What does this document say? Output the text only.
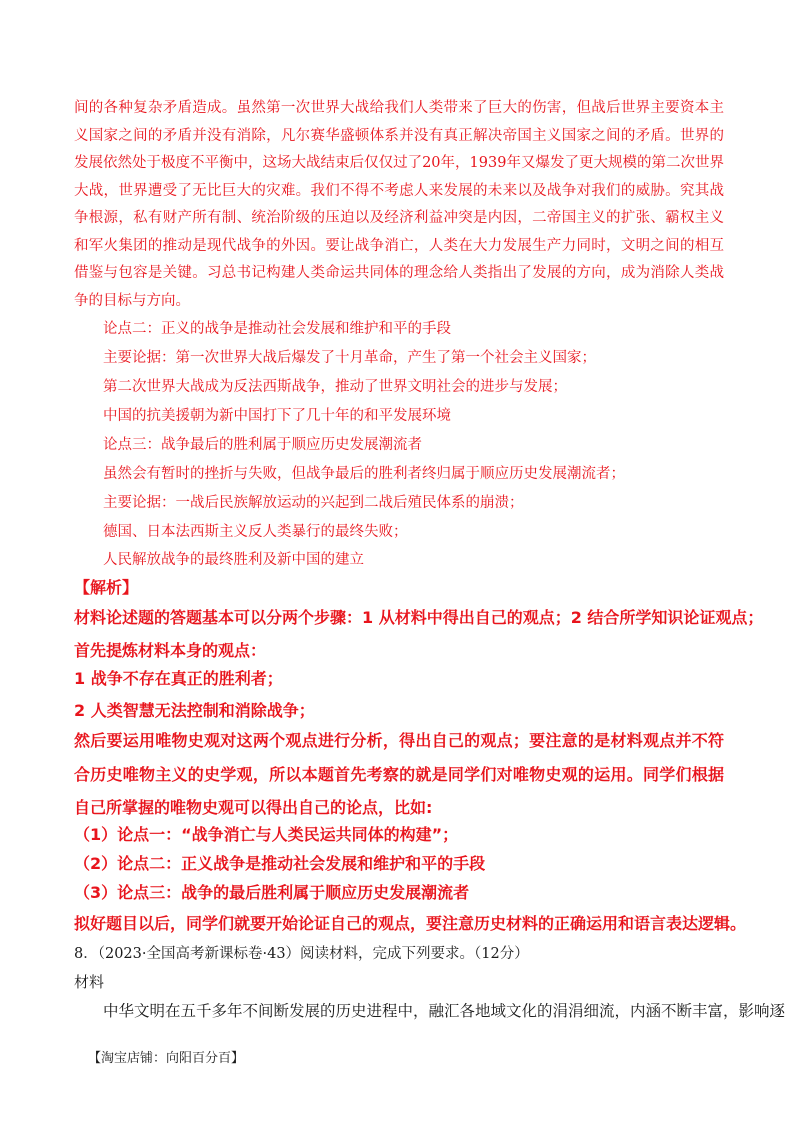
间的各种复杂矛盾造成。虽然第一次世界大战给我们人类带来了巨大的伤害，但战后世界主要资本主义国家之间的矛盾并没有消除，凡尔赛华盛顿体系并没有真正解决帝国主义国家之间的矛盾。世界的发展依然处于极度不平衡中，这场大战结束后仅仅过了20年，1939年又爆发了更大规模的第二次世界大战，世界遭受了无比巨大的灾难。我们不得不考虑人来发展的未来以及战争对我们的威胁。究其战争根源，私有财产所有制、统治阶级的压迫以及经济利益冲突是内因，二帝国主义的扩张、霸权主义和军火集团的推动是现代战争的外因。要让战争消亡，人类在大力发展生产力同时，文明之间的相互借鉴与包容是关键。习总书记构建人类命运共同体的理念给人类指出了发展的方向，成为消除人类战争的目标与方向。
论点二：正义的战争是推动社会发展和维护和平的手段
主要论据：第一次世界大战后爆发了十月革命，产生了第一个社会主义国家；
第二次世界大战成为反法西斯战争，推动了世界文明社会的进步与发展；
中国的抗美援朝为新中国打下了几十年的和平发展环境
论点三：战争最后的胜利属于顺应历史发展潮流者
虽然会有暂时的挫折与失败，但战争最后的胜利者终归属于顺应历史发展潮流者；
主要论据：一战后民族解放运动的兴起到二战后殖民体系的崩溃；
德国、日本法西斯主义反人类暴行的最终失败；
人民解放战争的最终胜利及新中国的建立
【解析】
材料论述题的答题基本可以分两个步骤：1 从材料中得出自己的观点；2 结合所学知识论证观点；
首先提炼材料本身的观点：
1 战争不存在真正的胜利者；
2 人类智慧无法控制和消除战争；
然后要运用唯物史观对这两个观点进行分析，得出自己的观点；要注意的是材料观点并不符合历史唯物主义的史学观，所以本题首先考察的就是同学们对唯物史观的运用。同学们根据自己所掌握的唯物史观可以得出自己的论点，比如:
（1）论点一：“战争消亡与人类民运共同体的构建”；
（2）论点二：正义战争是推动社会发展和维护和平的手段
（3）论点三：战争的最后胜利属于顺应历史发展潮流者
拟好题目以后，同学们就要开始论证自己的观点，要注意历史材料的正确运用和语言表达逻辑。
8．（2023·全国高考新课标卷·43）阅读材料，完成下列要求。（12分）
材料
中华文明在五千多年不间断发展的历史进程中，融汇各地域文化的涓涓细流，内涵不断丰富，影响逐
【淘宝店铺：向阳百分百】
